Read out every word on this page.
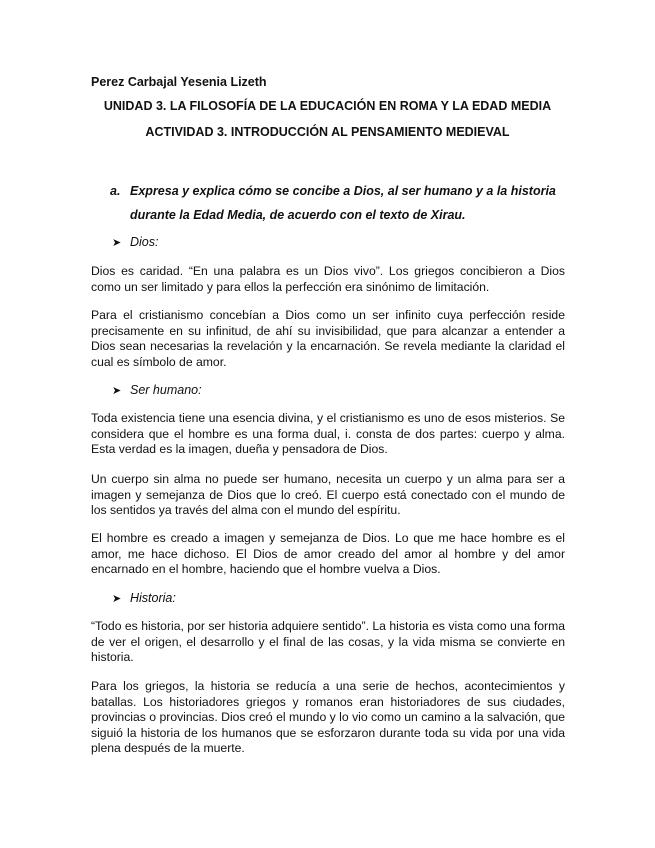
Perez Carbajal Yesenia Lizeth
UNIDAD 3. LA FILOSOFÍA DE LA EDUCACIÓN EN ROMA Y LA EDAD MEDIA
ACTIVIDAD 3. INTRODUCCIÓN AL PENSAMIENTO MEDIEVAL
a. Expresa y explica cómo se concibe a Dios, al ser humano y a la historia durante la Edad Media, de acuerdo con el texto de Xirau.
➤ Dios:

Dios es caridad. “En una palabra es un Dios vivo”. Los griegos concibieron a Dios como un ser limitado y para ellos la perfección era sinónimo de limitación.

Para el cristianismo concebían a Dios como un ser infinito cuya perfección reside precisamente en su infinitud, de ahí su invisibilidad, que para alcanzar a entender a Dios sean necesarias la revelación y la encarnación. Se revela mediante la claridad el cual es símbolo de amor.

➤ Ser humano:

Toda existencia tiene una esencia divina, y el cristianismo es uno de esos misterios. Se considera que el hombre es una forma dual, i. consta de dos partes: cuerpo y alma. Esta verdad es la imagen, dueña y pensadora de Dios.

Un cuerpo sin alma no puede ser humano, necesita un cuerpo y un alma para ser a imagen y semejanza de Dios que lo creó. El cuerpo está conectado con el mundo de los sentidos ya través del alma con el mundo del espíritu.

El hombre es creado a imagen y semejanza de Dios. Lo que me hace hombre es el amor, me hace dichoso. El Dios de amor creado del amor al hombre y del amor encarnado en el hombre, haciendo que el hombre vuelva a Dios.

➤ Historia:

“Todo es historia, por ser historia adquiere sentido”. La historia es vista como una forma de ver el origen, el desarrollo y el final de las cosas, y la vida misma se convierte en historia.

Para los griegos, la historia se reducía a una serie de hechos, acontecimientos y batallas. Los historiadores griegos y romanos eran historiadores de sus ciudades, provincias o provincias. Dios creó el mundo y lo vio como un camino a la salvación, que siguió la historia de los humanos que se esforzaron durante toda su vida por una vida plena después de la muerte.
